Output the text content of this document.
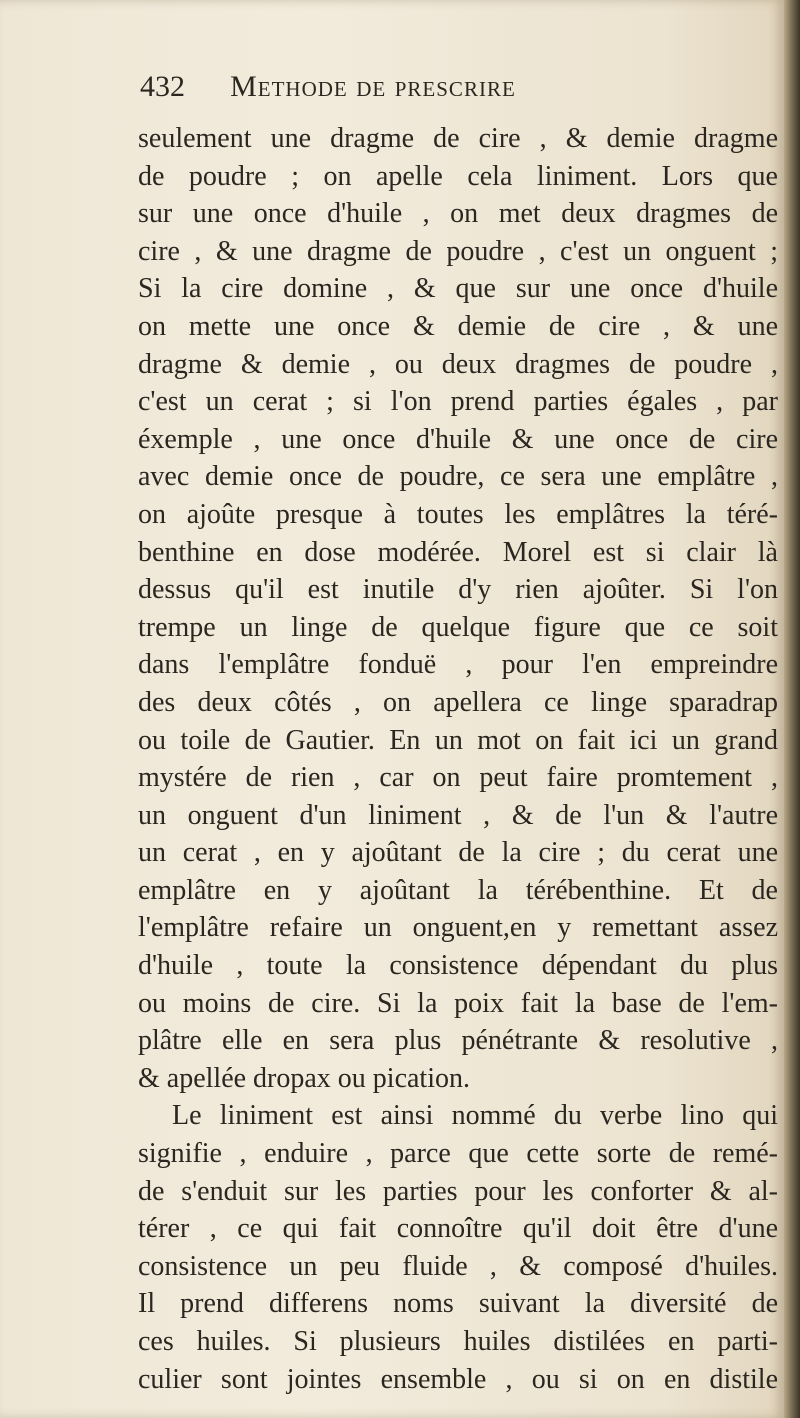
432 Methode de prescrire
seulement une dragme de cire , & demie dragme
de poudre ; on apelle cela liniment. Lors que
sur une once d'huile , on met deux dragmes de
cire , & une dragme de poudre , c'est un onguent ;
Si la cire domine , & que sur une once d'huile
on mette une once & demie de cire , & une
dragme & demie , ou deux dragmes de poudre ,
c'est un cerat ; si l'on prend parties égales , par
éxemple , une once d'huile & une once de cire
avec demie once de poudre, ce sera une emplâtre ,
on ajoûte presque à toutes les emplâtres la téré-
benthine en dose modérée. Morel est si clair là
dessus qu'il est inutile d'y rien ajoûter. Si l'on
trempe un linge de quelque figure que ce soit
dans l'emplâtre fonduë , pour l'en empreindre
des deux côtés , on apellera ce linge sparadrap
ou toile de Gautier. En un mot on fait ici un grand
mystére de rien , car on peut faire promtement ,
un onguent d'un liniment , & de l'un & l'autre
un cerat , en y ajoûtant de la cire ; du cerat une
emplâtre en y ajoûtant la térébenthine. Et de
l'emplâtre refaire un onguent,en y remettant assez
d'huile , toute la consistence dépendant du plus
ou moins de cire. Si la poix fait la base de l'em-
plâtre elle en sera plus pénétrante & resolutive ,
& apellée dropax ou pication.
Le liniment est ainsi nommé du verbe lino qui
signifie , enduire , parce que cette sorte de remé-
de s'enduit sur les parties pour les conforter & al-
térer , ce qui fait connoître qu'il doit être d'une
consistence un peu fluide , & composé d'huiles.
Il prend differens noms suivant la diversité de
ces huiles. Si plusieurs huiles distilées en parti-
culier sont jointes ensemble , ou si on en distile
